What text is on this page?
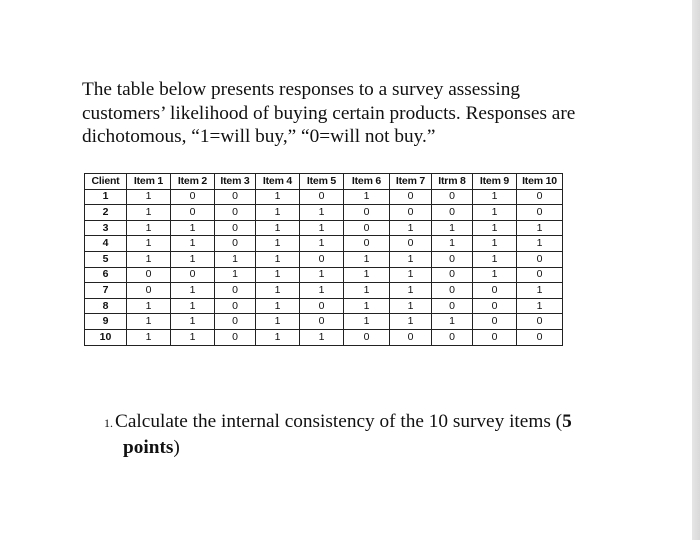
The table below presents responses to a survey assessing
customers’ likelihood of buying certain products. Responses are
dichotomous, “1=will buy,” “0=will not buy.”

Client	Item 1	Item 2	Item 3	Item 4	Item 5	Item 6	Item 7	Itrm 8	Item 9	Item 10
1	1	0	0	1	0	1	0	0	1	0
2	1	0	0	1	1	0	0	0	1	0
3	1	1	0	1	1	0	1	1	1	1
4	1	1	0	1	1	0	0	1	1	1
5	1	1	1	1	0	1	1	0	1	0
6	0	0	1	1	1	1	1	0	1	0
7	0	1	0	1	1	1	1	0	0	1
8	1	1	0	1	0	1	1	0	0	1
9	1	1	0	1	0	1	1	1	0	0
10	1	1	0	1	1	0	0	0	0	0
1. Calculate the internal consistency of the 10 survey items (5
points)
